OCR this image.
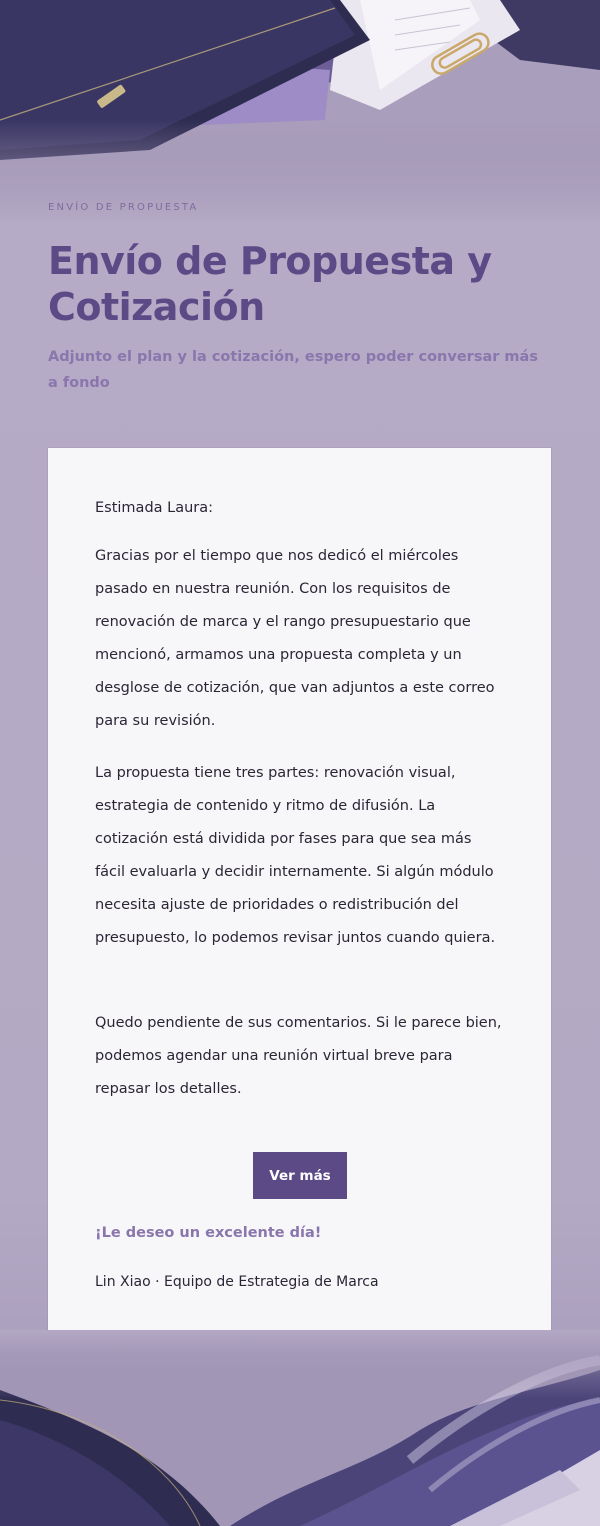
ENVÍO DE PROPUESTA
Envío de Propuesta y Cotización
Adjunto el plan y la cotización, espero poder conversar más a fondo
Estimada Laura:
Gracias por el tiempo que nos dedicó el miércoles pasado en nuestra reunión. Con los requisitos de renovación de marca y el rango presupuestario que mencionó, armamos una propuesta completa y un desglose de cotización, que van adjuntos a este correo para su revisión.
La propuesta tiene tres partes: renovación visual, estrategia de contenido y ritmo de difusión. La cotización está dividida por fases para que sea más fácil evaluarla y decidir internamente. Si algún módulo necesita ajuste de prioridades o redistribución del presupuesto, lo podemos revisar juntos cuando quiera.
Quedo pendiente de sus comentarios. Si le parece bien, podemos agendar una reunión virtual breve para repasar los detalles.
Ver más
¡Le deseo un excelente día!
Lin Xiao · Equipo de Estrategia de Marca
